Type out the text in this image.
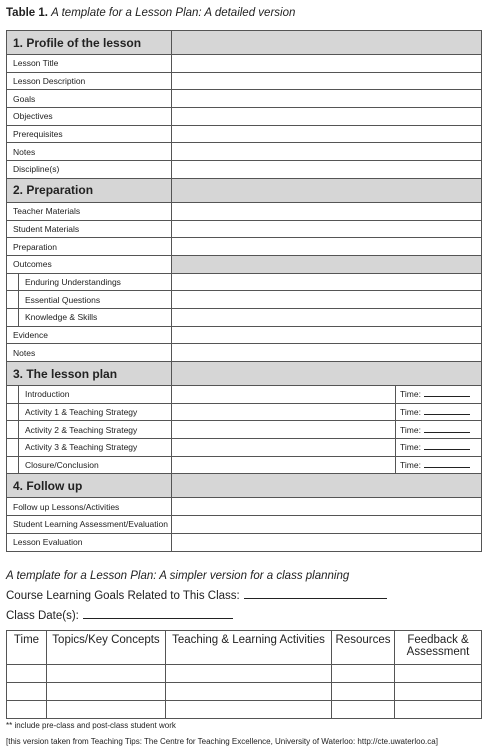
Table 1. A template for a Lesson Plan: A detailed version
1. Profile of the lesson			
Lesson Title			
Lesson Description			
Goals			
Objectives			
Prerequisites			
Notes			
Discipline(s)			
2. Preparation			
Teacher Materials			
Student Materials			
Preparation			
Outcomes			
	Enduring Understandings		
	Essential Questions		
	Knowledge & Skills		
Evidence			
Notes			
3. The lesson plan			
	Introduction		Time:
	Activity 1 & Teaching Strategy		Time:
	Activity 2 & Teaching Strategy		Time:
	Activity 3 & Teaching Strategy		Time:
	Closure/Conclusion		Time:
4. Follow up			
Follow up Lessons/Activities			
Student Learning Assessment/Evaluation			
Lesson Evaluation			
A template for a Lesson Plan: A simpler version for a class planning
Course Learning Goals Related to This Class:
Class Date(s):
Time	Topics/Key Concepts	Teaching & Learning Activities	Resources	Feedback & Assessment

** include pre-class and post-class student work
[this version taken from Teaching Tips: The Centre for Teaching Excellence, University of Waterloo: http://cte.uwaterloo.ca]
